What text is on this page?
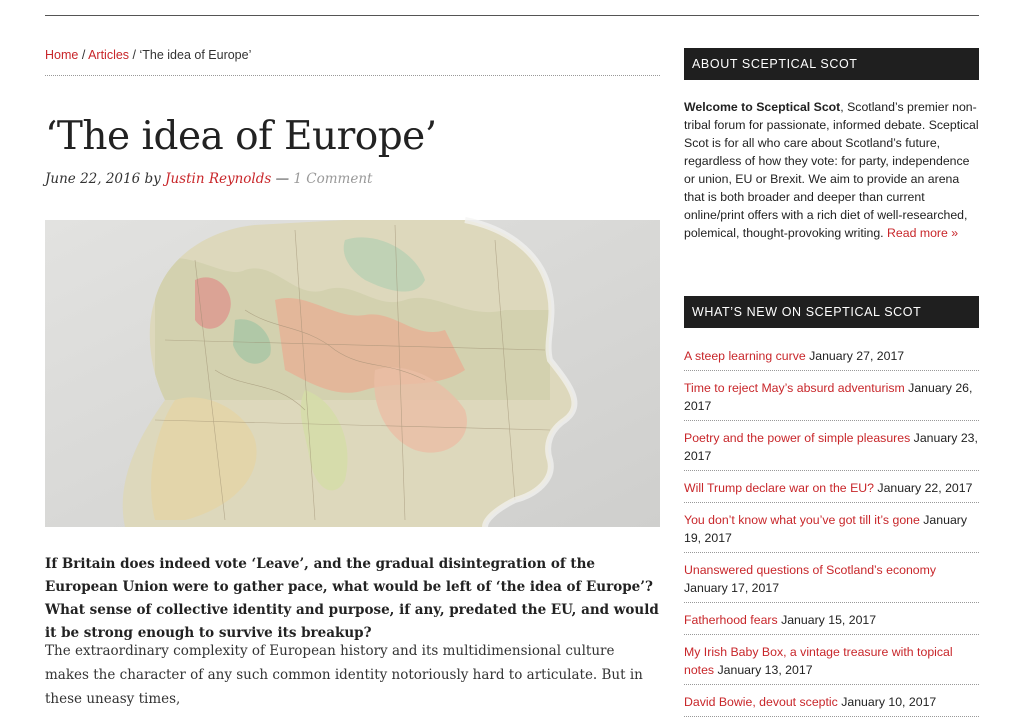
Home / Articles / ‘The idea of Europe’
‘The idea of Europe’
June 22, 2016 by Justin Reynolds — 1 Comment

If Britain does indeed vote ‘Leave’, and the gradual disintegration of the European Union were to gather pace, what would be left of ‘the idea of Europe’? What sense of collective identity and purpose, if any, predated the EU, and would it be strong enough to survive its breakup?

The extraordinary complexity of European history and its multidimensional culture makes the character of any such common identity notoriously hard to articulate. But in these uneasy times,

ABOUT SCEPTICAL SCOT

Welcome to Sceptical Scot, Scotland’s premier non-tribal forum for passionate, informed debate. Sceptical Scot is for all who care about Scotland’s future, regardless of how they vote: for party, independence or union, EU or Brexit. We aim to provide an arena that is both broader and deeper than current online/print offers with a rich diet of well-researched, polemical, thought-provoking writing. Read more »

WHAT’S NEW ON SCEPTICAL SCOT
A steep learning curve January 27, 2017
Time to reject May’s absurd adventurism January 26, 2017
Poetry and the power of simple pleasures January 23, 2017
Will Trump declare war on the EU? January 22, 2017
You don’t know what you’ve got till it’s gone January 19, 2017
Unanswered questions of Scotland’s economy January 17, 2017
Fatherhood fears January 15, 2017
My Irish Baby Box, a vintage treasure with topical notes January 13, 2017
David Bowie, devout sceptic January 10, 2017
